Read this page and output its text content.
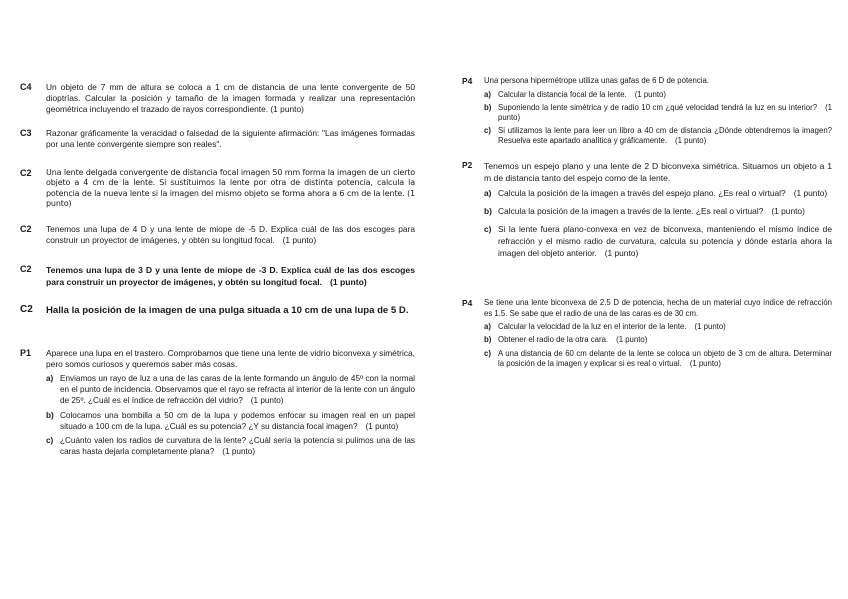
C4 Un objeto de 7 mm de altura se coloca a 1 cm de distancia de una lente convergente de 50 dioptrías. Calcular la posición y tamaño de la imagen formada y realizar una representación geométrica incluyendo el trazado de rayos correspondiente. (1 punto)
C3 Razonar gráficamente la veracidad o falsedad de la siguiente afirmación: "Las imágenes formadas por una lente convergente siempre son reales".
C2 Una lente delgada convergente de distancia focal imagen 50 mm forma la imagen de un cierto objeto a 4 cm de la lente. Si sustituimos la lente por otra de distinta potencia, calcula la potencia de la nueva lente si la imagen del mismo objeto se forma ahora a 6 cm de la lente. (1 punto)
C2 Tenemos una lupa de 4 D y una lente de miope de -5 D. Explica cuál de las dos escoges para construir un proyector de imágenes, y obtén su longitud focal. (1 punto)
C2 Tenemos una lupa de 3 D y una lente de miope de -3 D. Explica cuál de las dos escoges para construir un proyector de imágenes, y obtén su longitud focal. (1 punto)
C2 Halla la posición de la imagen de una pulga situada a 10 cm de una lupa de 5 D.
P1 Aparece una lupa en el trastero. Comprobamos que tiene una lente de vidrio biconvexa y simétrica, pero somos curiosos y queremos saber más cosas.
a) Enviamos un rayo de luz a una de las caras de la lente formando un ángulo de 45º con la normal en el punto de incidencia. Observamos que el rayo se refracta al interior de la lente con un ángulo de 25º. ¿Cuál es el índice de refracción del vidrio? (1 punto)
b) Colocamos una bombilla a 50 cm de la lupa y podemos enfocar su imagen real en un papel situado a 100 cm de la lupa. ¿Cuál es su potencia? ¿Y su distancia focal imagen? (1 punto)
c) ¿Cuánto valen los radios de curvatura de la lente? ¿Cuál sería la potencia si pulimos una de las caras hasta dejarla completamente plana? (1 punto)
P4 Una persona hipermétrope utiliza unas gafas de 6 D de potencia.
a) Calcular la distancia focal de la lente. (1 punto)
b) Suponiendo la lente simétrica y de radio 10 cm ¿qué velocidad tendrá la luz en su interior? (1 punto)
c) Si utilizamos la lente para leer un libro a 40 cm de distancia ¿Dónde obtendremos la imagen? Resuelva este apartado analítica y gráficamente. (1 punto)
P2 Tenemos un espejo plano y una lente de 2 D biconvexa simétrica. Situamos un objeto a 1 m de distancia tanto del espejo como de la lente.
a) Calcula la posición de la imagen a través del espejo plano. ¿Es real o virtual? (1 punto)
b) Calcula la posición de la imagen a través de la lente. ¿Es real o virtual? (1 punto)
c) Si la lente fuera plano-convexa en vez de biconvexa, manteniendo el mismo índice de refracción y el mismo radio de curvatura, calcula su potencia y dónde estaría ahora la imagen del objeto anterior. (1 punto)
P4 Se tiene una lente biconvexa de 2.5 D de potencia, hecha de un material cuyo índice de refracción es 1.5. Se sabe que el radio de una de las caras es de 30 cm.
a) Calcular la velocidad de la luz en el interior de la lente. (1 punto)
b) Obtener el radio de la otra cara. (1 punto)
c) A una distancia de 60 cm delante de la lente se coloca un objeto de 3 cm de altura. Determinar la posición de la imagen y explicar si es real o virtual. (1 punto)
